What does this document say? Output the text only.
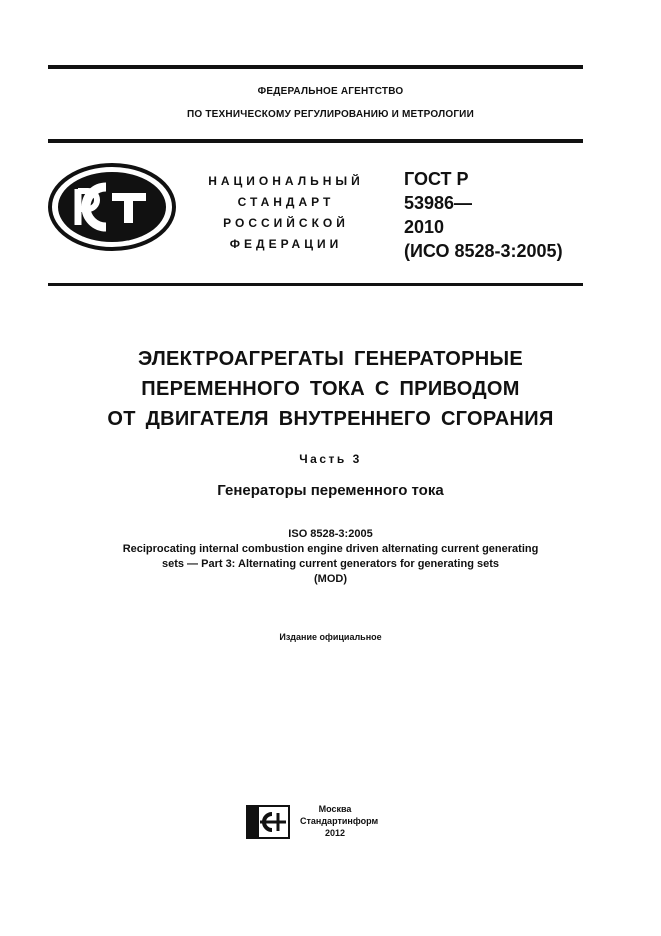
ФЕДЕРАЛЬНОЕ АГЕНТСТВО
ПО ТЕХНИЧЕСКОМУ РЕГУЛИРОВАНИЮ И МЕТРОЛОГИИ
НАЦИОНАЛЬНЫЙ
СТАНДАРТ
РОССИЙСКОЙ
ФЕДЕРАЦИИ
ГОСТ Р
53986—
2010
(ИСО 8528-3:2005)
ЭЛЕКТРОАГРЕГАТЫ ГЕНЕРАТОРНЫЕ
ПЕРЕМЕННОГО ТОКА С ПРИВОДОМ
ОТ ДВИГАТЕЛЯ ВНУТРЕННЕГО СГОРАНИЯ
Часть 3
Генераторы переменного тока
ISO 8528-3:2005
Reciprocating internal combustion engine driven alternating current generating
sets — Part 3: Alternating current generators for generating sets
(MOD)
Издание официальное
Москва
Стандартинформ
2012
